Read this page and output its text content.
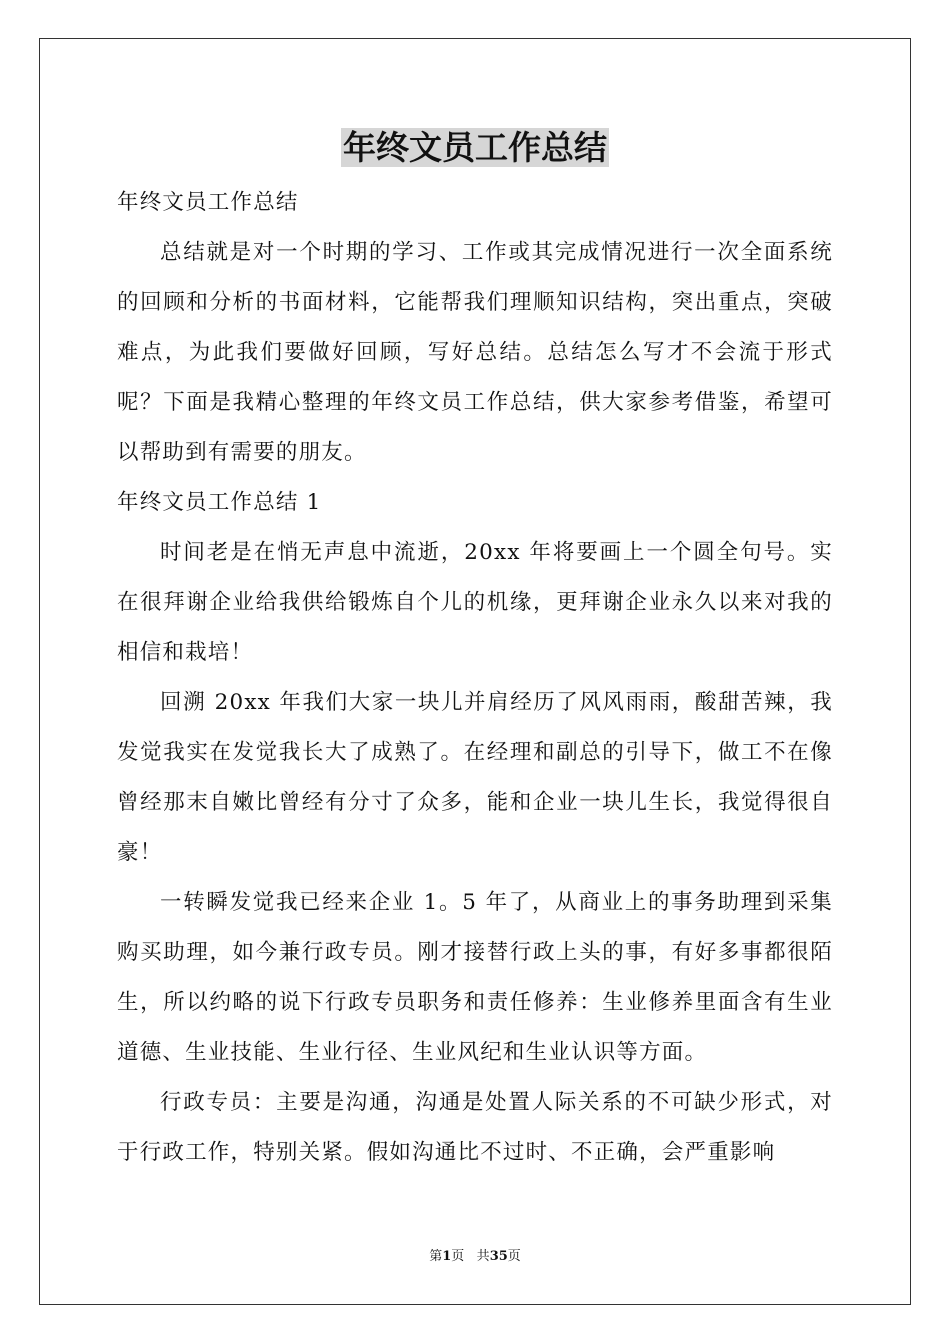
年终文员工作总结

年终文员工作总结

总结就是对一个时期的学习、工作或其完成情况进行一次全面系统的回顾和分析的书面材料，它能帮我们理顺知识结构，突出重点，突破难点，为此我们要做好回顾，写好总结。总结怎么写才不会流于形式呢？下面是我精心整理的年终文员工作总结，供大家参考借鉴，希望可以帮助到有需要的朋友。

年终文员工作总结 1

时间老是在悄无声息中流逝，20xx 年将要画上一个圆全句号。实在很拜谢企业给我供给锻炼自个儿的机缘，更拜谢企业永久以来对我的相信和栽培！

回溯 20xx 年我们大家一块儿并肩经历了风风雨雨，酸甜苦辣，我发觉我实在发觉我长大了成熟了。在经理和副总的引导下，做工不在像曾经那末自嫩比曾经有分寸了众多，能和企业一块儿生长，我觉得很自豪！

一转瞬发觉我已经来企业 1。5 年了，从商业上的事务助理到采集购买助理，如今兼行政专员。刚才接替行政上头的事，有好多事都很陌生，所以约略的说下行政专员职务和责任修养：生业修养里面含有生业道德、生业技能、生业行径、生业风纪和生业认识等方面。

行政专员：主要是沟通，沟通是处置人际关系的不可缺少形式，对于行政工作，特别关紧。假如沟通比不过时、不正确，会严重影响

第1页 共35页
